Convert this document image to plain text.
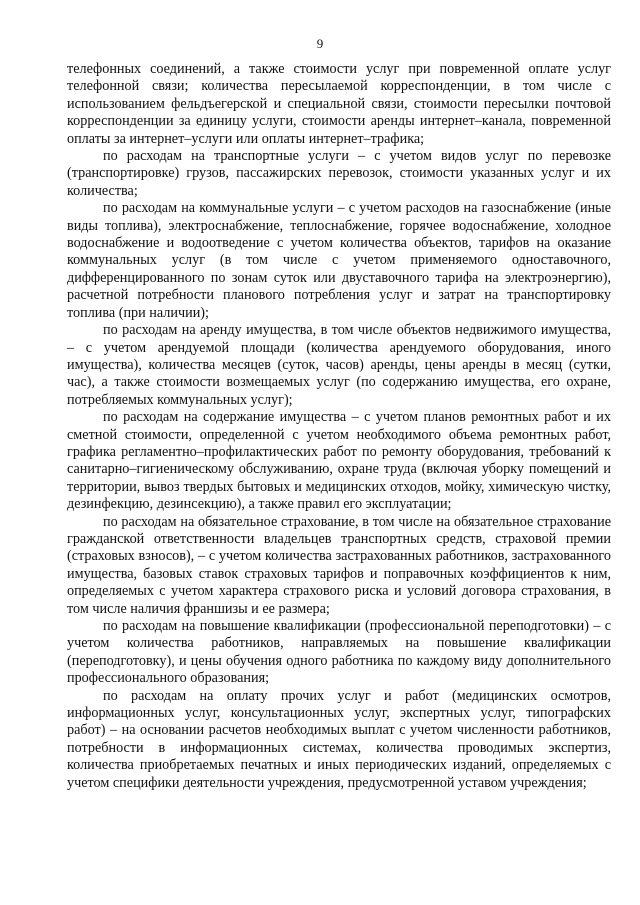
9

телефонных соединений, а также стоимости услуг при повременной оплате услуг телефонной связи; количества пересылаемой корреспонденции, в том числе с использованием фельдъегерской и специальной связи, стоимости пересылки почтовой корреспонденции за единицу услуги, стоимости аренды интернет–канала, повременной оплаты за интернет–услуги или оплаты интернет–трафика;

по расходам на транспортные услуги – с учетом видов услуг по перевозке (транспортировке) грузов, пассажирских перевозок, стоимости указанных услуг и их количества;

по расходам на коммунальные услуги – с учетом расходов на газоснабжение (иные виды топлива), электроснабжение, теплоснабжение, горячее водоснабжение, холодное водоснабжение и водоотведение с учетом количества объектов, тарифов на оказание коммунальных услуг (в том числе с учетом применяемого одноставочного, дифференцированного по зонам суток или двуставочного тарифа на электроэнергию), расчетной потребности планового потребления услуг и затрат на транспортировку топлива (при наличии);

по расходам на аренду имущества, в том числе объектов недвижимого имущества, – с учетом арендуемой площади (количества арендуемого оборудования, иного имущества), количества месяцев (суток, часов) аренды, цены аренды в месяц (сутки, час), а также стоимости возмещаемых услуг (по содержанию имущества, его охране, потребляемых коммунальных услуг);

по расходам на содержание имущества – с учетом планов ремонтных работ и их сметной стоимости, определенной с учетом необходимого объема ремонтных работ, графика регламентно–профилактических работ по ремонту оборудования, требований к санитарно–гигиеническому обслуживанию, охране труда (включая уборку помещений и территории, вывоз твердых бытовых и медицинских отходов, мойку, химическую чистку, дезинфекцию, дезинсекцию), а также правил его эксплуатации;

по расходам на обязательное страхование, в том числе на обязательное страхование гражданской ответственности владельцев транспортных средств, страховой премии (страховых взносов), – с учетом количества застрахованных работников, застрахованного имущества, базовых ставок страховых тарифов и поправочных коэффициентов к ним, определяемых с учетом характера страхового риска и условий договора страхования, в том числе наличия франшизы и ее размера;

по расходам на повышение квалификации (профессиональной переподготовки) – с учетом количества работников, направляемых на повышение квалификации (переподготовку), и цены обучения одного работника по каждому виду дополнительного профессионального образования;

по расходам на оплату прочих услуг и работ (медицинских осмотров, информационных услуг, консультационных услуг, экспертных услуг, типографских работ) – на основании расчетов необходимых выплат с учетом численности работников, потребности в информационных системах, количества проводимых экспертиз, количества приобретаемых печатных и иных периодических изданий, определяемых с учетом специфики деятельности учреждения, предусмотренной уставом учреждения;
